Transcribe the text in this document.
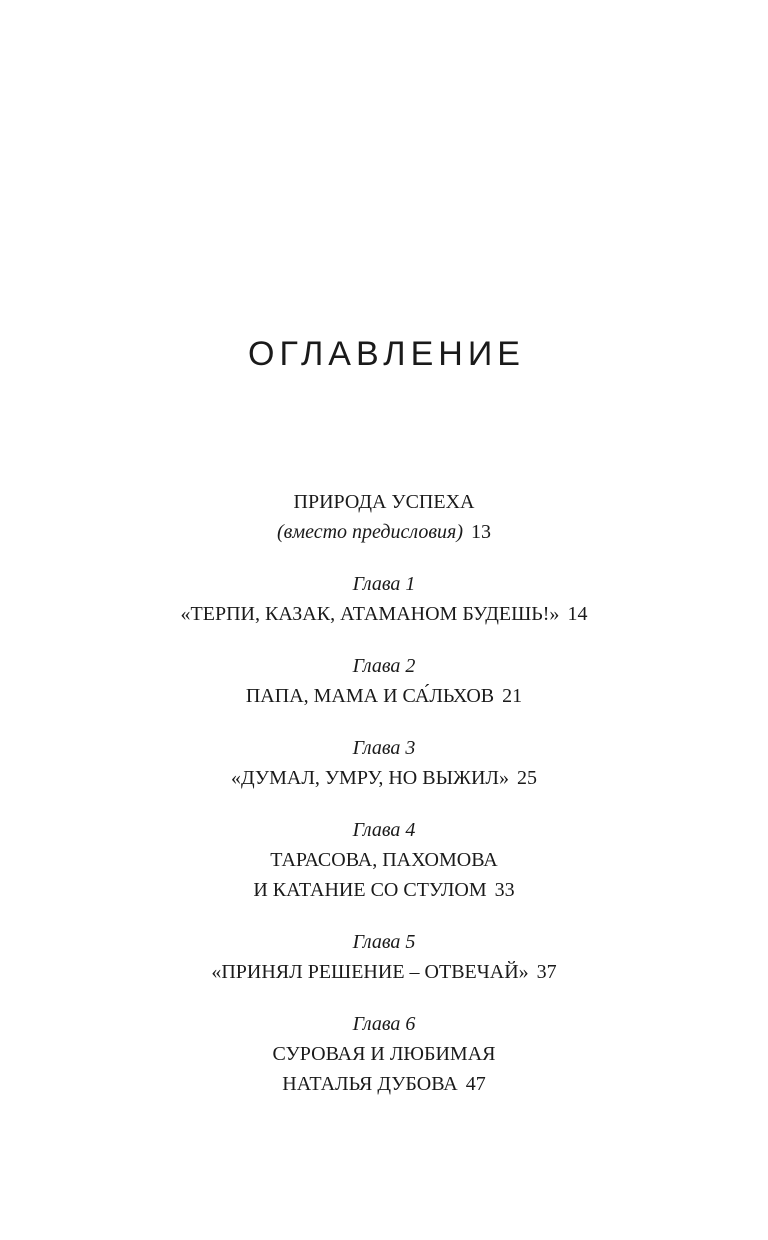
ОГЛАВЛЕНИЕ
ПРИРОДА УСПЕХА
(вместо предисловия) 13
Глава 1
«ТЕРПИ, КАЗАК, АТАМАНОМ БУДЕШЬ!» 14
Глава 2
ПАПА, МАМА И СА́ЛЬХОВ 21
Глава 3
«ДУМАЛ, УМРУ, НО ВЫЖИЛ» 25
Глава 4
ТАРАСОВА, ПАХОМОВА
И КАТАНИЕ СО СТУЛОМ 33
Глава 5
«ПРИНЯЛ РЕШЕНИЕ – ОТВЕЧАЙ» 37
Глава 6
СУРОВАЯ И ЛЮБИМАЯ
НАТАЛЬЯ ДУБОВА 47
